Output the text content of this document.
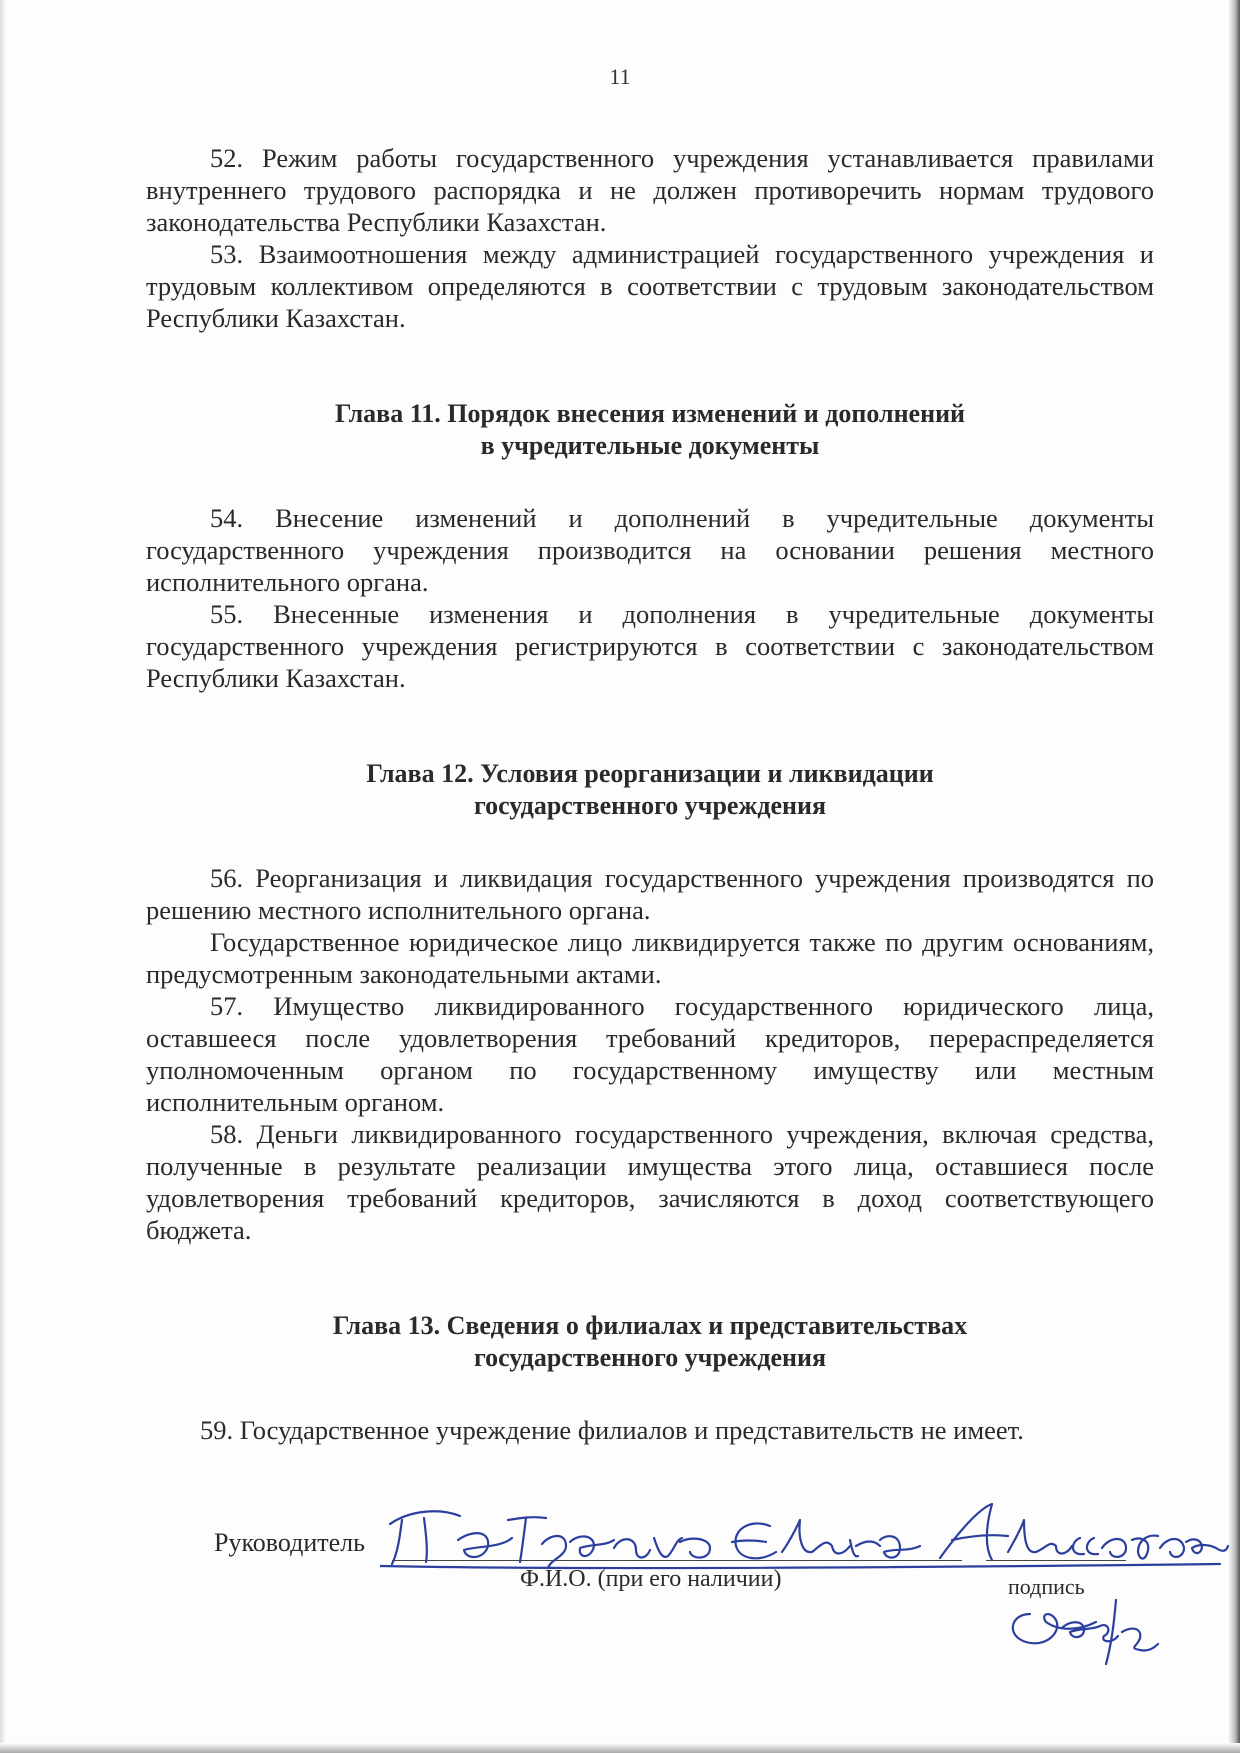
11

52. Режим работы государственного учреждения устанавливается правилами внутреннего трудового распорядка и не должен противоречить нормам трудового законодательства Республики Казахстан.

53. Взаимоотношения между администрацией государственного учреждения и трудовым коллективом определяются в соответствии с трудовым законодательством Республики Казахстан.

Глава 11. Порядок внесения изменений и дополнений
в учредительные документы

54. Внесение изменений и дополнений в учредительные документы государственного учреждения производится на основании решения местного исполнительного органа.

55. Внесенные изменения и дополнения в учредительные документы государственного учреждения регистрируются в соответствии с законодательством Республики Казахстан.

Глава 12. Условия реорганизации и ликвидации
государственного учреждения

56. Реорганизация и ликвидация государственного учреждения производятся по решению местного исполнительного органа.

Государственное юридическое лицо ликвидируется также по другим основаниям, предусмотренным законодательными актами.

57. Имущество ликвидированного государственного юридического лица, оставшееся после удовлетворения требований кредиторов, перераспределяется уполномоченным органом по государственному имуществу или местным исполнительным органом.

58. Деньги ликвидированного государственного учреждения, включая средства, полученные в результате реализации имущества этого лица, оставшиеся после удовлетворения требований кредиторов, зачисляются в доход соответствующего бюджета.

Глава 13. Сведения о филиалах и представительствах
государственного учреждения

59. Государственное учреждение филиалов и представительств не имеет.

Руководитель
Ф.И.О. (при его наличии)	подпись
